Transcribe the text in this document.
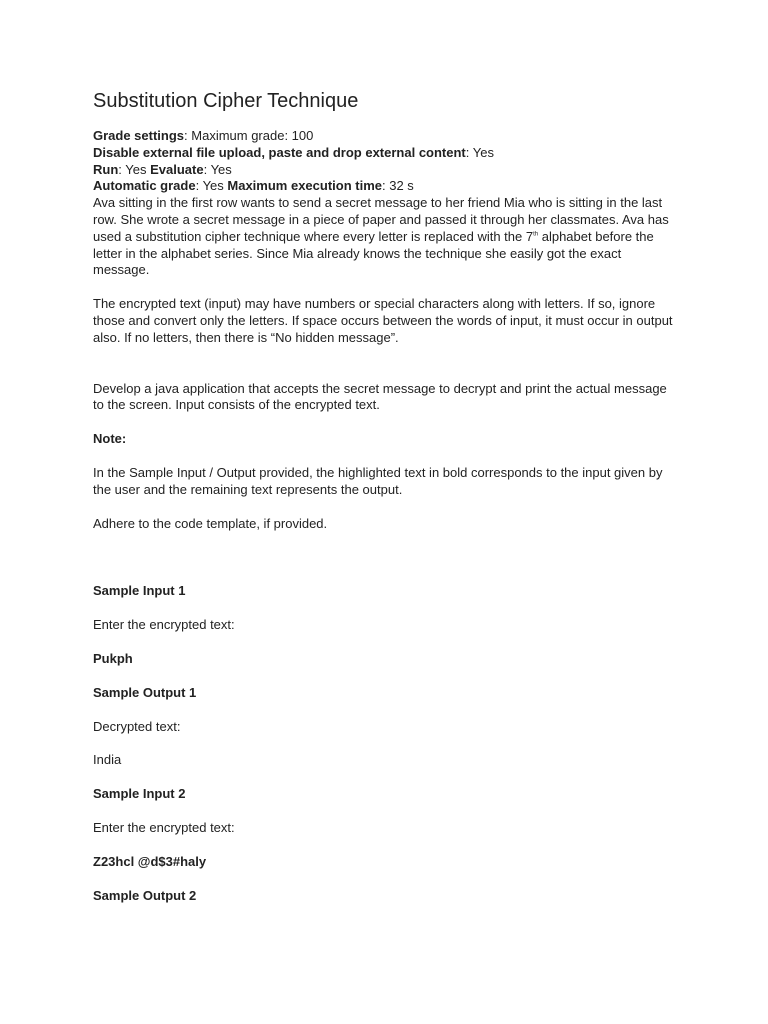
Substitution Cipher Technique

Grade settings: Maximum grade: 100

Disable external file upload, paste and drop external content: Yes

Run: Yes Evaluate: Yes

Automatic grade: Yes Maximum execution time: 32 s

Ava sitting in the first row wants to send a secret message to her friend Mia who is sitting in the last row. She wrote a secret message in a piece of paper and passed it through her classmates. Ava has used a substitution cipher technique where every letter is replaced with the 7th alphabet before the letter in the alphabet series. Since Mia already knows the technique she easily got the exact message.

The encrypted text (input) may have numbers or special characters along with letters. If so, ignore those and convert only the letters. If space occurs between the words of input, it must occur in output also. If no letters, then there is “No hidden message”.

Develop a java application that accepts the secret message to decrypt and print the actual message to the screen. Input consists of the encrypted text.

Note:

In the Sample Input / Output provided, the highlighted text in bold corresponds to the input given by the user and the remaining text represents the output.

Adhere to the code template, if provided.

Sample Input 1

Enter the encrypted text:

Pukph

Sample Output 1

Decrypted text:

India

Sample Input 2

Enter the encrypted text:

Z23hcl @d$3#haly

Sample Output 2
